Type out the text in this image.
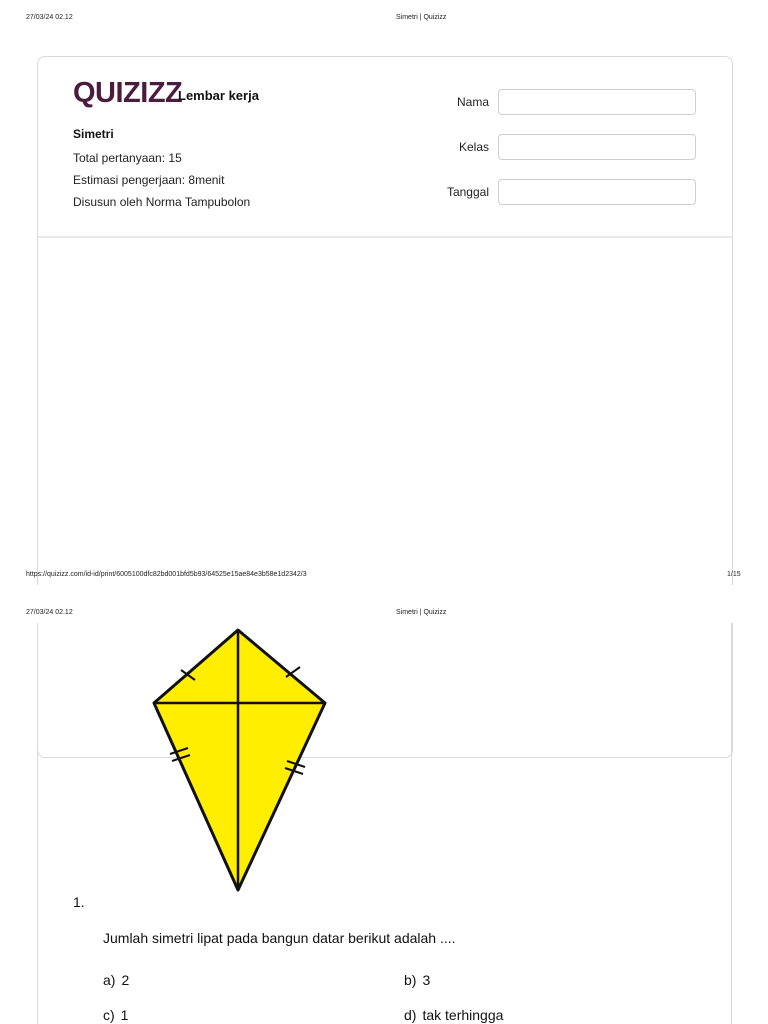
27/03/24 02.12	Simetri | Quizizz
QUIZIZZ
Lembar kerja
Simetri
Total pertanyaan: 15
Estimasi pengerjaan: 8menit
Disusun oleh Norma Tampubolon
Nama
Kelas
Tanggal
https://quizizz.com/id-id/print/6005100dfc82bd001bfd5b93/64525e15ae84e3b58e1d2342/3	1/15
27/03/24 02.12	Simetri | Quizizz
1.
Jumlah simetri lipat pada bangun datar berikut adalah ....
a) 2	b) 3
c) 1	d) tak terhingga
